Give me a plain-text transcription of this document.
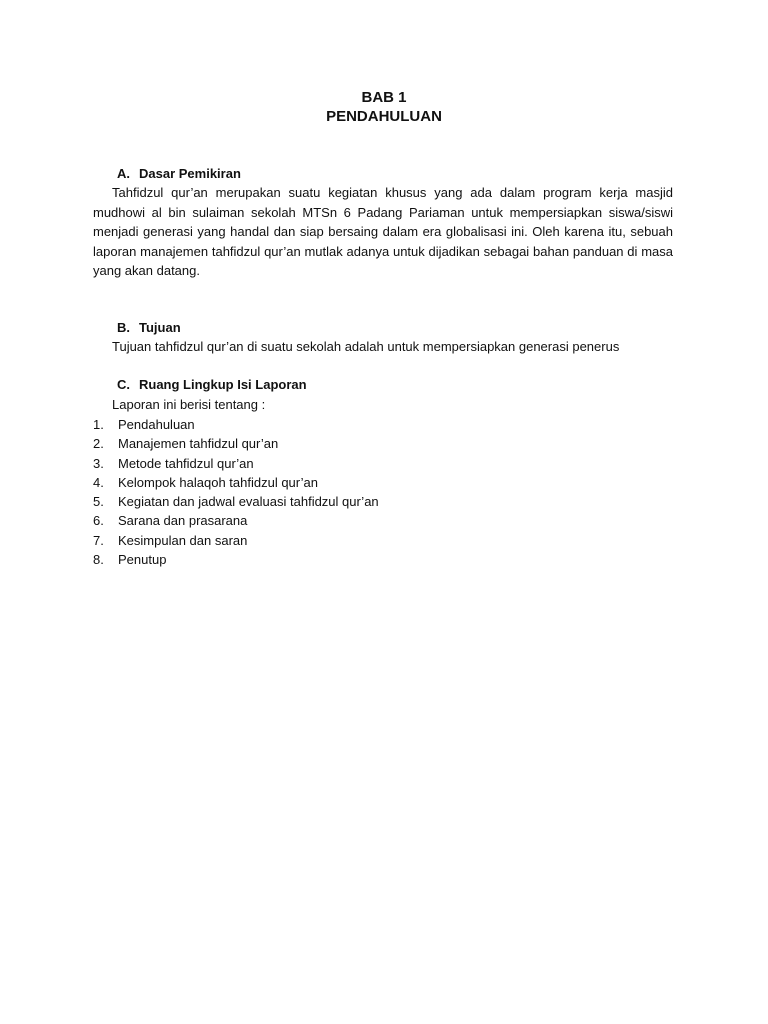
BAB 1
PENDAHULUAN
A. Dasar Pemikiran

Tahfidzul qur’an merupakan suatu kegiatan khusus yang ada dalam program kerja masjid mudhowi al bin sulaiman sekolah MTSn 6 Padang Pariaman untuk mempersiapkan siswa/siswi menjadi generasi yang handal dan siap bersaing dalam era globalisasi ini. Oleh karena itu, sebuah laporan manajemen tahfidzul qur’an mutlak adanya untuk dijadikan sebagai bahan panduan di masa yang akan datang.

B. Tujuan
Tujuan tahfidzul qur’an di suatu sekolah adalah untuk mempersiapkan generasi penerus
C. Ruang Lingkup Isi Laporan
Laporan ini berisi tentang :
1. Pendahuluan
2. Manajemen tahfidzul qur’an
3. Metode tahfidzul qur’an
4. Kelompok halaqoh tahfidzul qur’an
5. Kegiatan dan jadwal evaluasi tahfidzul qur’an
6. Sarana dan prasarana
7. Kesimpulan dan saran
8. Penutup
